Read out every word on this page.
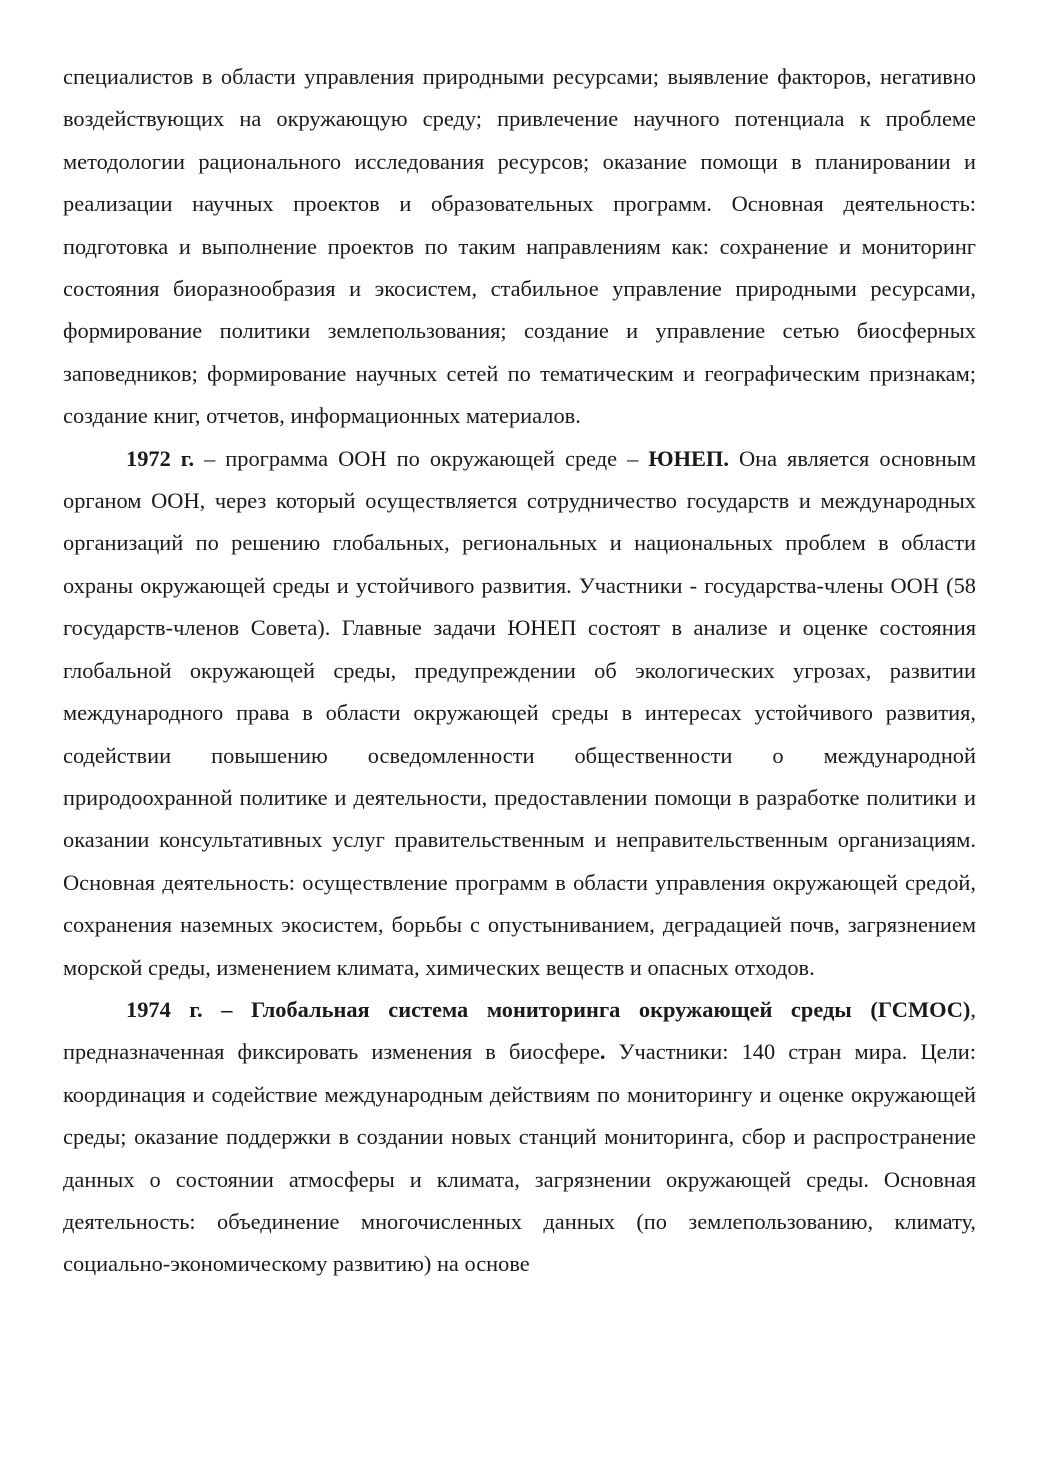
специалистов в области управления природными ресурсами; выявление факторов, негативно воздействующих на окружающую среду; привлечение научного потенциала к проблеме методологии рационального исследования ресурсов; оказание помощи в планировании и реализации научных проектов и образовательных программ. Основная деятельность: подготовка и выполнение проектов по таким направлениям как: сохранение и мониторинг состояния биоразнообразия и экосистем, стабильное управление природными ресурсами, формирование политики землепользования; создание и управление сетью биосферных заповедников; формирование научных сетей по тематическим и географическим признакам; создание книг, отчетов, информационных материалов.

1972 г. – программа ООН по окружающей среде – ЮНЕП. Она является основным органом ООН, через который осуществляется сотрудничество государств и международных организаций по решению глобальных, региональных и национальных проблем в области охраны окружающей среды и устойчивого развития. Участники - государства-члены ООН (58 государств-членов Совета). Главные задачи ЮНЕП состоят в анализе и оценке состояния глобальной окружающей среды, предупреждении об экологических угрозах, развитии международного права в области окружающей среды в интересах устойчивого развития, содействии повышению осведомленности общественности о международной природоохранной политике и деятельности, предоставлении помощи в разработке политики и оказании консультативных услуг правительственным и неправительственным организациям. Основная деятельность: осуществление программ в области управления окружающей средой, сохранения наземных экосистем, борьбы с опустыниванием, деградацией почв, загрязнением морской среды, изменением климата, химических веществ и опасных отходов.

1974 г. – Глобальная система мониторинга окружающей среды (ГСМОС), предназначенная фиксировать изменения в биосфере. Участники: 140 стран мира. Цели: координация и содействие международным действиям по мониторингу и оценке окружающей среды; оказание поддержки в создании новых станций мониторинга, сбор и распространение данных о состоянии атмосферы и климата, загрязнении окружающей среды. Основная деятельность: объединение многочисленных данных (по землепользованию, климату, социально-экономическому развитию) на основе
